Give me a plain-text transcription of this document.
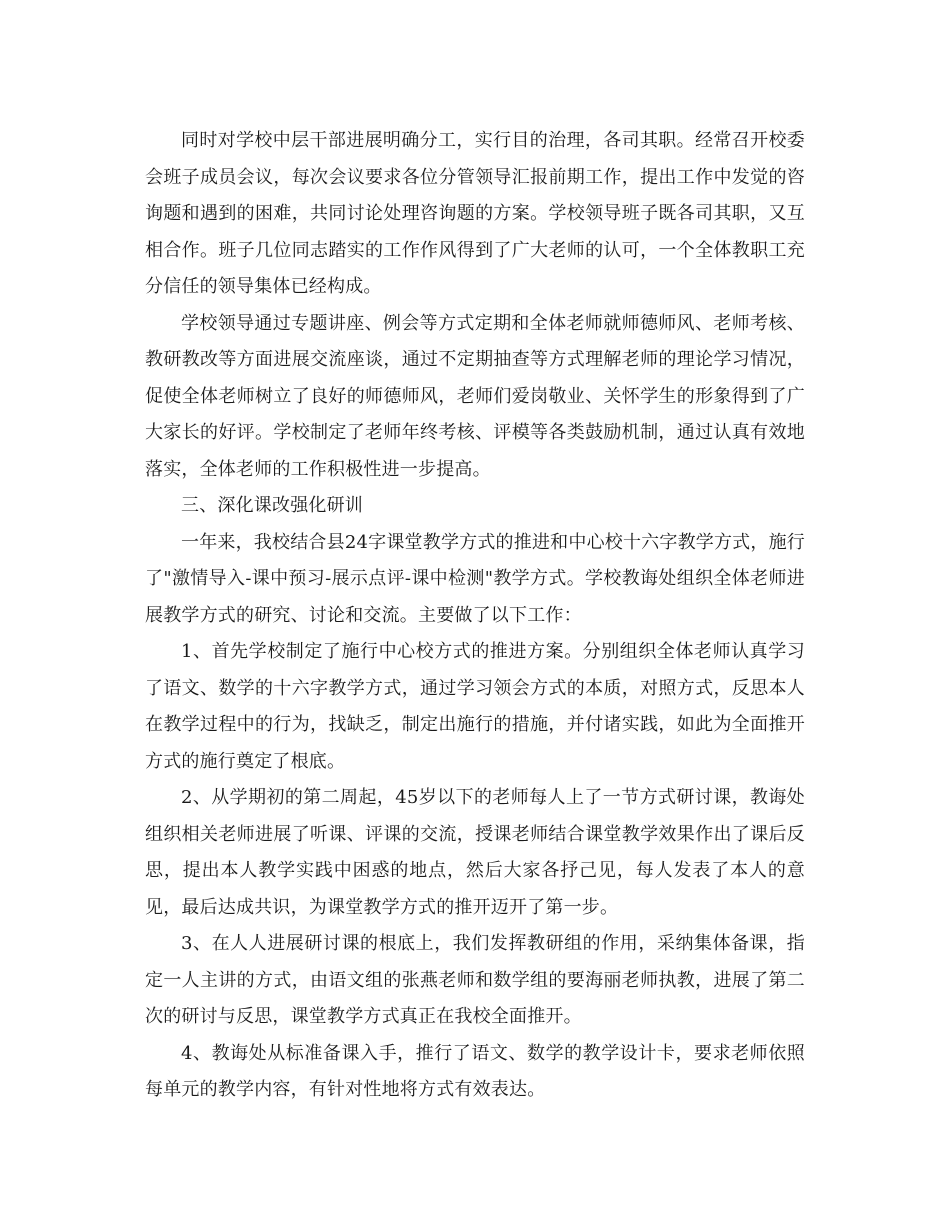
同时对学校中层干部进展明确分工，实行目的治理，各司其职。经常召开校委会班子成员会议，每次会议要求各位分管领导汇报前期工作，提出工作中发觉的咨询题和遇到的困难，共同讨论处理咨询题的方案。学校领导班子既各司其职，又互相合作。班子几位同志踏实的工作作风得到了广大老师的认可，一个全体教职工充分信任的领导集体已经构成。

学校领导通过专题讲座、例会等方式定期和全体老师就师德师风、老师考核、教研教改等方面进展交流座谈，通过不定期抽查等方式理解老师的理论学习情况，促使全体老师树立了良好的师德师风，老师们爱岗敬业、关怀学生的形象得到了广大家长的好评。学校制定了老师年终考核、评模等各类鼓励机制，通过认真有效地落实，全体老师的工作积极性进一步提高。

三、深化课改强化研训

一年来，我校结合县24字课堂教学方式的推进和中心校十六字教学方式，施行了"激情导入-课中预习-展示点评-课中检测"教学方式。学校教诲处组织全体老师进展教学方式的研究、讨论和交流。主要做了以下工作：

1、首先学校制定了施行中心校方式的推进方案。分别组织全体老师认真学习了语文、数学的十六字教学方式，通过学习领会方式的本质，对照方式，反思本人在教学过程中的行为，找缺乏，制定出施行的措施，并付诸实践，如此为全面推开方式的施行奠定了根底。

2、从学期初的第二周起，45岁以下的老师每人上了一节方式研讨课，教诲处组织相关老师进展了听课、评课的交流，授课老师结合课堂教学效果作出了课后反思，提出本人教学实践中困惑的地点，然后大家各抒己见，每人发表了本人的意见，最后达成共识，为课堂教学方式的推开迈开了第一步。

3、在人人进展研讨课的根底上，我们发挥教研组的作用，采纳集体备课，指定一人主讲的方式，由语文组的张燕老师和数学组的要海丽老师执教，进展了第二次的研讨与反思，课堂教学方式真正在我校全面推开。

4、教诲处从标准备课入手，推行了语文、数学的教学设计卡，要求老师依照每单元的教学内容，有针对性地将方式有效表达。
